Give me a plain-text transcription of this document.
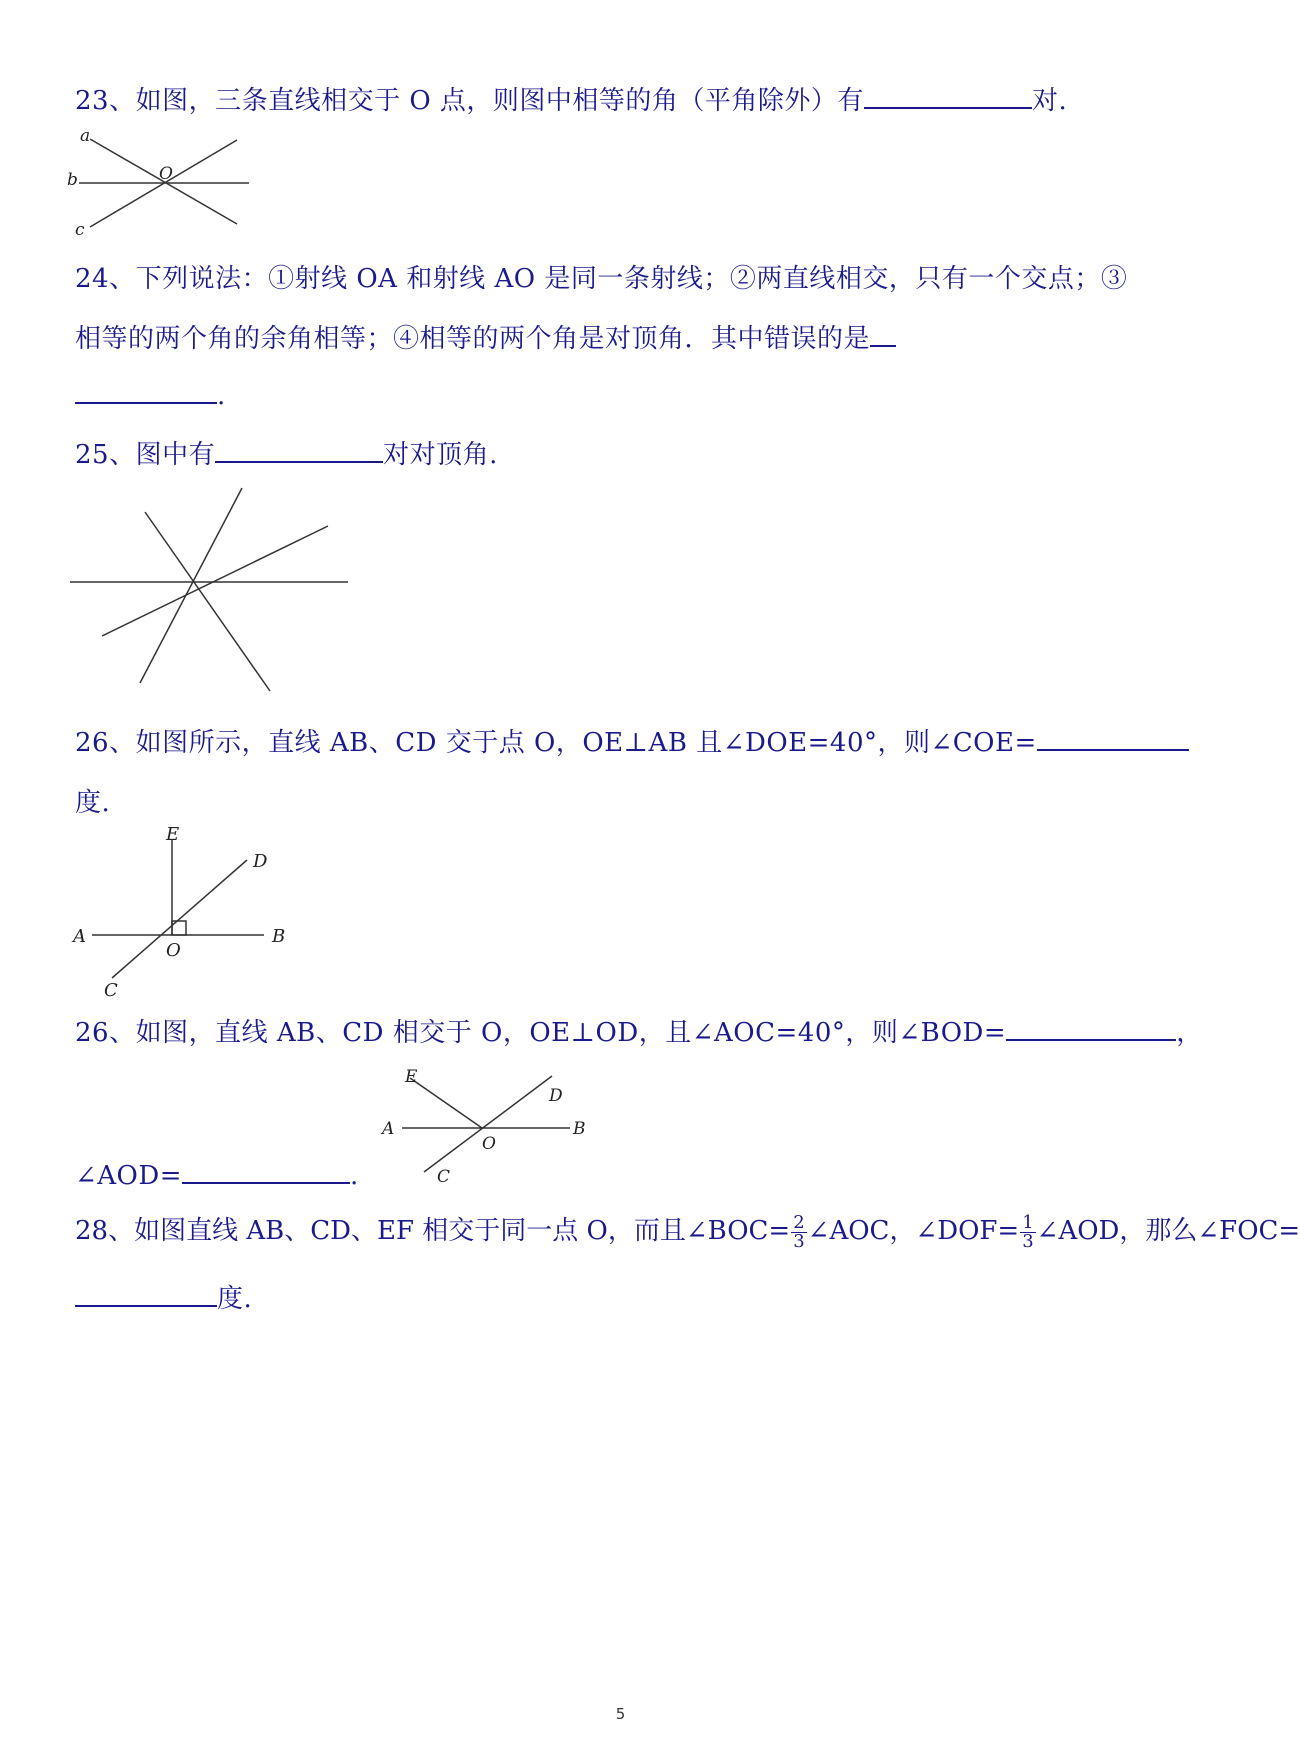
23、如图，三条直线相交于 O 点，则图中相等的角（平角除外）有	对.
a
b
c
O
24、下列说法：①射线 OA 和射线 AO 是同一条射线；②两直线相交，只有一个交点；③
相等的两个角的余角相等；④相等的两个角是对顶角．其中错误的是
.
25、图中有	对对顶角.
26、如图所示，直线 AB、CD 交于点 O，OE⊥AB 且∠DOE=40°，则∠COE=
度.
E
D
A
O
B
C
26、如图，直线 AB、CD 相交于 O，OE⊥OD，且∠AOC=40°，则∠BOD=	，
∠AOD=	.
E
D
A
O
B
C
28、如图直线 AB、CD、EF 相交于同一点 O，而且∠BOC= $\frac{2}{3}$ ∠AOC，∠DOF= $\frac{1}{3}$ ∠AOD，那么∠FOC=
度.
5
